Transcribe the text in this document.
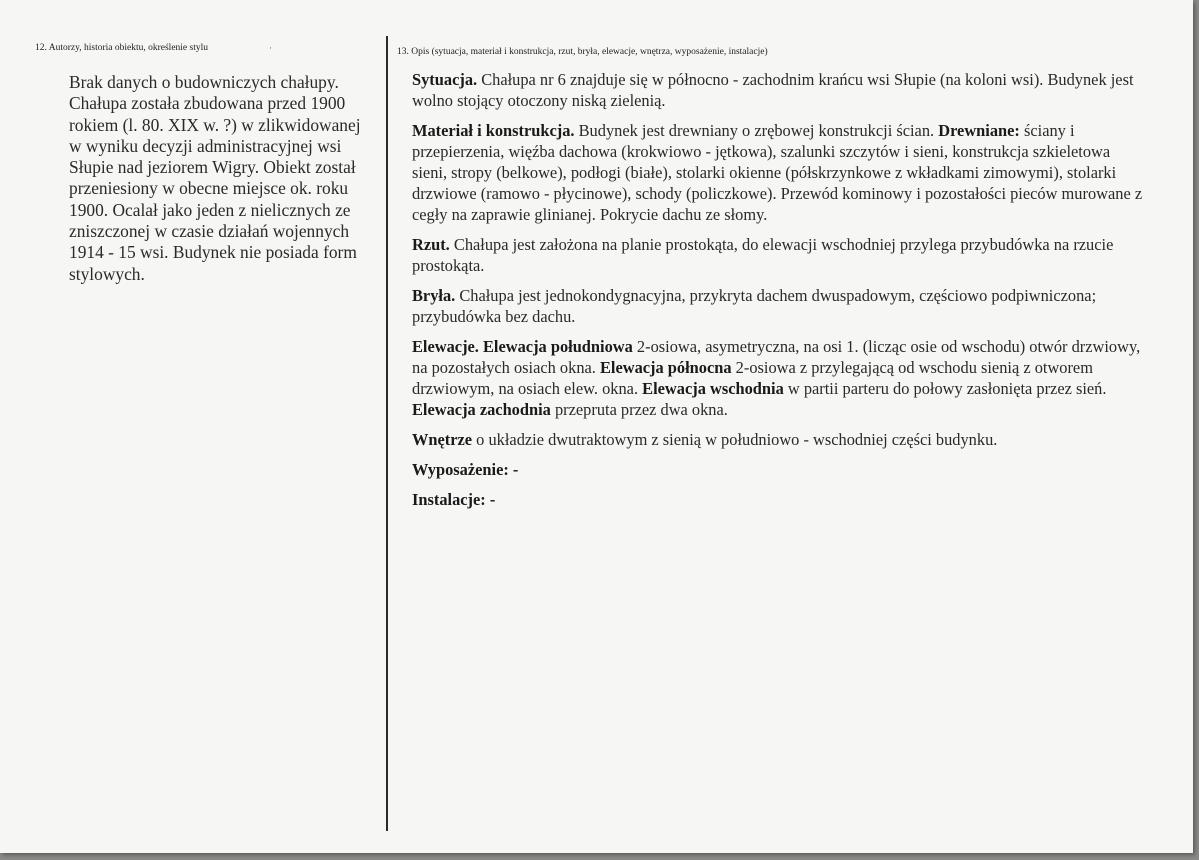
12. Autorzy, historia obiektu, określenie stylu	·
Brak danych o budowniczych chałupy. Chałupa została zbudowana przed 1900 rokiem (l. 80. XIX w. ?) w zlikwidowanej w wyniku decyzji administracyjnej wsi Słupie nad jeziorem Wigry. Obiekt został przeniesiony w obecne miejsce ok. roku 1900. Ocalał jako jeden z nielicznych ze zniszczonej w czasie działań wojennych 1914 - 15 wsi. Budynek nie posiada form stylowych.
13. Opis (sytuacja, materiał i konstrukcja, rzut, bryła, elewacje, wnętrza, wyposażenie, instalacje)

Sytuacja. Chałupa nr 6 znajduje się w północno - zachodnim krańcu wsi Słupie (na koloni wsi). Budynek jest wolno stojący otoczony niską zielenią.

Materiał i konstrukcja. Budynek jest drewniany o zrębowej konstrukcji ścian. Drewniane: ściany i przepierzenia, więźba dachowa (krokwiowo - jętkowa), szalunki szczytów i sieni, konstrukcja szkieletowa sieni, stropy (belkowe), podłogi (białe), stolarki okienne (półskrzynkowe z wkładkami zimowymi), stolarki drzwiowe (ramowo - płycinowe), schody (policzkowe). Przewód kominowy i pozostałości pieców murowane z cegły na zaprawie glinianej. Pokrycie dachu ze słomy.

Rzut. Chałupa jest założona na planie prostokąta, do elewacji wschodniej przylega przybudówka na rzucie prostokąta.

Bryła. Chałupa jest jednokondygnacyjna, przykryta dachem dwuspadowym, częściowo podpiwniczona; przybudówka bez dachu.

Elewacje. Elewacja południowa 2-osiowa, asymetryczna, na osi 1. (licząc osie od wschodu) otwór drzwiowy, na pozostałych osiach okna. Elewacja północna 2-osiowa z przylegającą od wschodu sienią z otworem drzwiowym, na osiach elew. okna. Elewacja wschodnia w partii parteru do połowy zasłonięta przez sień. Elewacja zachodnia przepruta przez dwa okna.

Wnętrze o układzie dwutraktowym z sienią w południowo - wschodniej części budynku.

Wyposażenie: -

Instalacje: -
